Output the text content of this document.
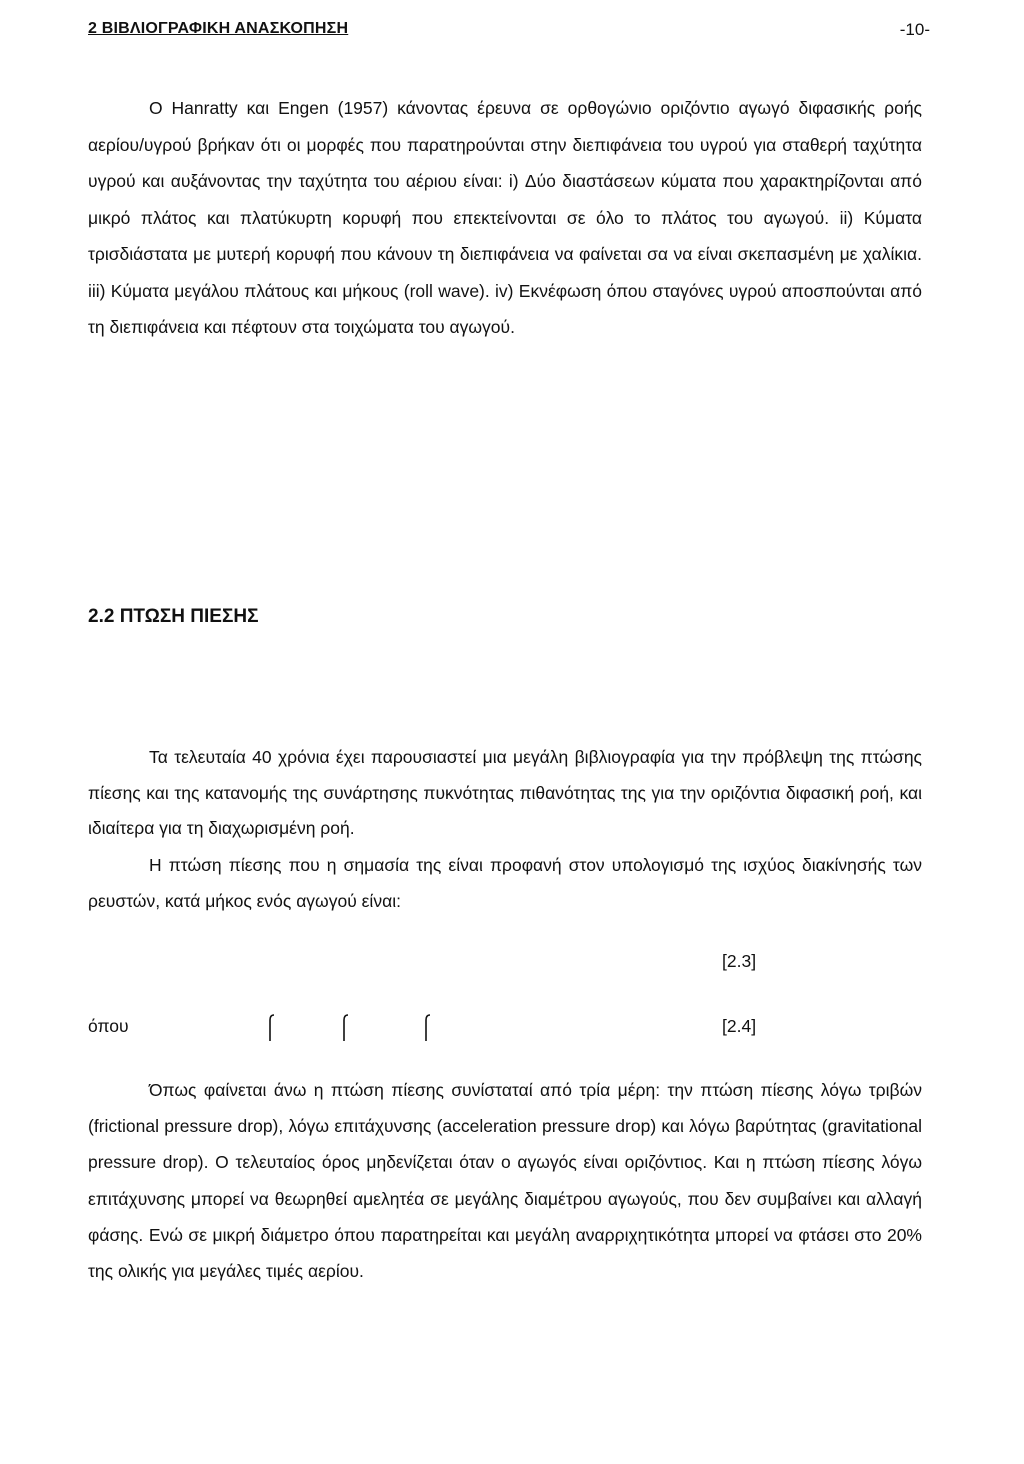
2 ΒΙΒΛΙΟΓΡΑΦΙΚΗ ΑΝΑΣΚΟΠΗΣΗ	-10-

Ο Hanratty και Engen (1957) κάνοντας έρευνα σε ορθογώνιο οριζόντιο αγωγό διφασικής ροής αερίου/υγρού βρήκαν ότι οι μορφές που παρατηρούνται στην διεπιφάνεια του υγρού για σταθερή ταχύτητα υγρού και αυξάνοντας την ταχύτητα του αέριου είναι: i) Δύο διαστάσεων κύματα που χαρακτηρίζονται από μικρό πλάτος και πλατύκυρτη κορυφή που επεκτείνονται σε όλο το πλάτος του αγωγού. ii) Κύματα τρισδιάστατα με μυτερή κορυφή που κάνουν τη διεπιφάνεια να φαίνεται σα να είναι σκεπασμένη με χαλίκια. iii) Κύματα μεγάλου πλάτους και μήκους (roll wave). iv) Εκνέφωση όπου σταγόνες υγρού αποσπούνται από τη διεπιφάνεια και πέφτουν στα τοιχώματα του αγωγού.

2.2 ΠΤΩΣΗ ΠΙΕΣΗΣ

Τα τελευταία 40 χρόνια έχει παρουσιαστεί μια μεγάλη βιβλιογραφία για την πρόβλεψη της πτώσης πίεσης και της κατανομής της συνάρτησης πυκνότητας πιθανότητας της για την οριζόντια διφασική ροή, και ιδιαίτερα για τη διαχωρισμένη ροή.

Η πτώση πίεσης που η σημασία της είναι προφανή στον υπολογισμό της ισχύος διακίνησής των ρευστών, κατά μήκος ενός αγωγού είναι:

[2.3]
όπου	[2.4]

Όπως φαίνεται άνω η πτώση πίεσης συνίσταταί από τρία μέρη: την πτώση πίεσης λόγω τριβών (frictional pressure drop), λόγω επιτάχυνσης (acceleration pressure drop) και λόγω βαρύτητας (gravitational pressure drop). Ο τελευταίος όρος μηδενίζεται όταν ο αγωγός είναι οριζόντιος. Και η πτώση πίεσης λόγω επιτάχυνσης μπορεί να θεωρηθεί αμελητέα σε μεγάλης διαμέτρου αγωγούς, που δεν συμβαίνει και αλλαγή φάσης. Ενώ σε μικρή διάμετρο όπου παρατηρείται και μεγάλη αναρριχητικότητα μπορεί να φτάσει στο 20% της ολικής για μεγάλες τιμές αερίου.
